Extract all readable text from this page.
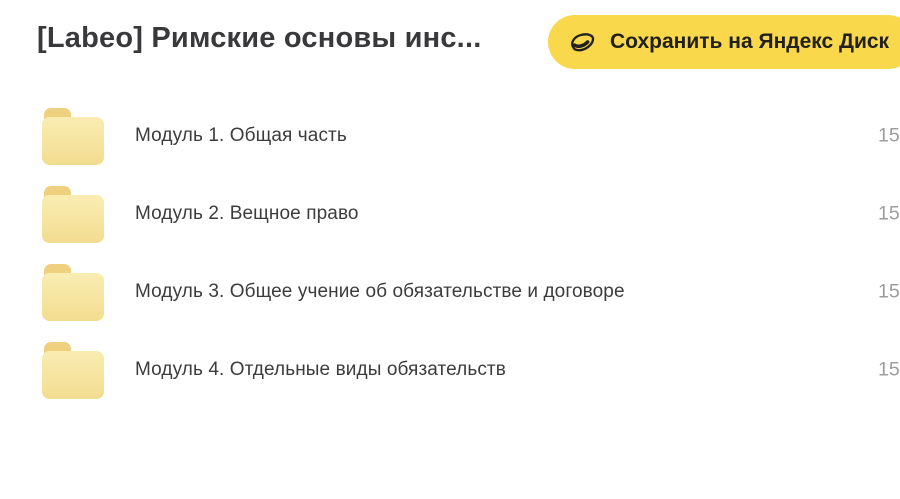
[Labeo] Римские основы инс...	Сохранить на Яндекс Диск
Модуль 1. Общая часть	15
Модуль 2. Вещное право	15
Модуль 3. Общее учение об обязательстве и договоре	15
Модуль 4. Отдельные виды обязательств	15
